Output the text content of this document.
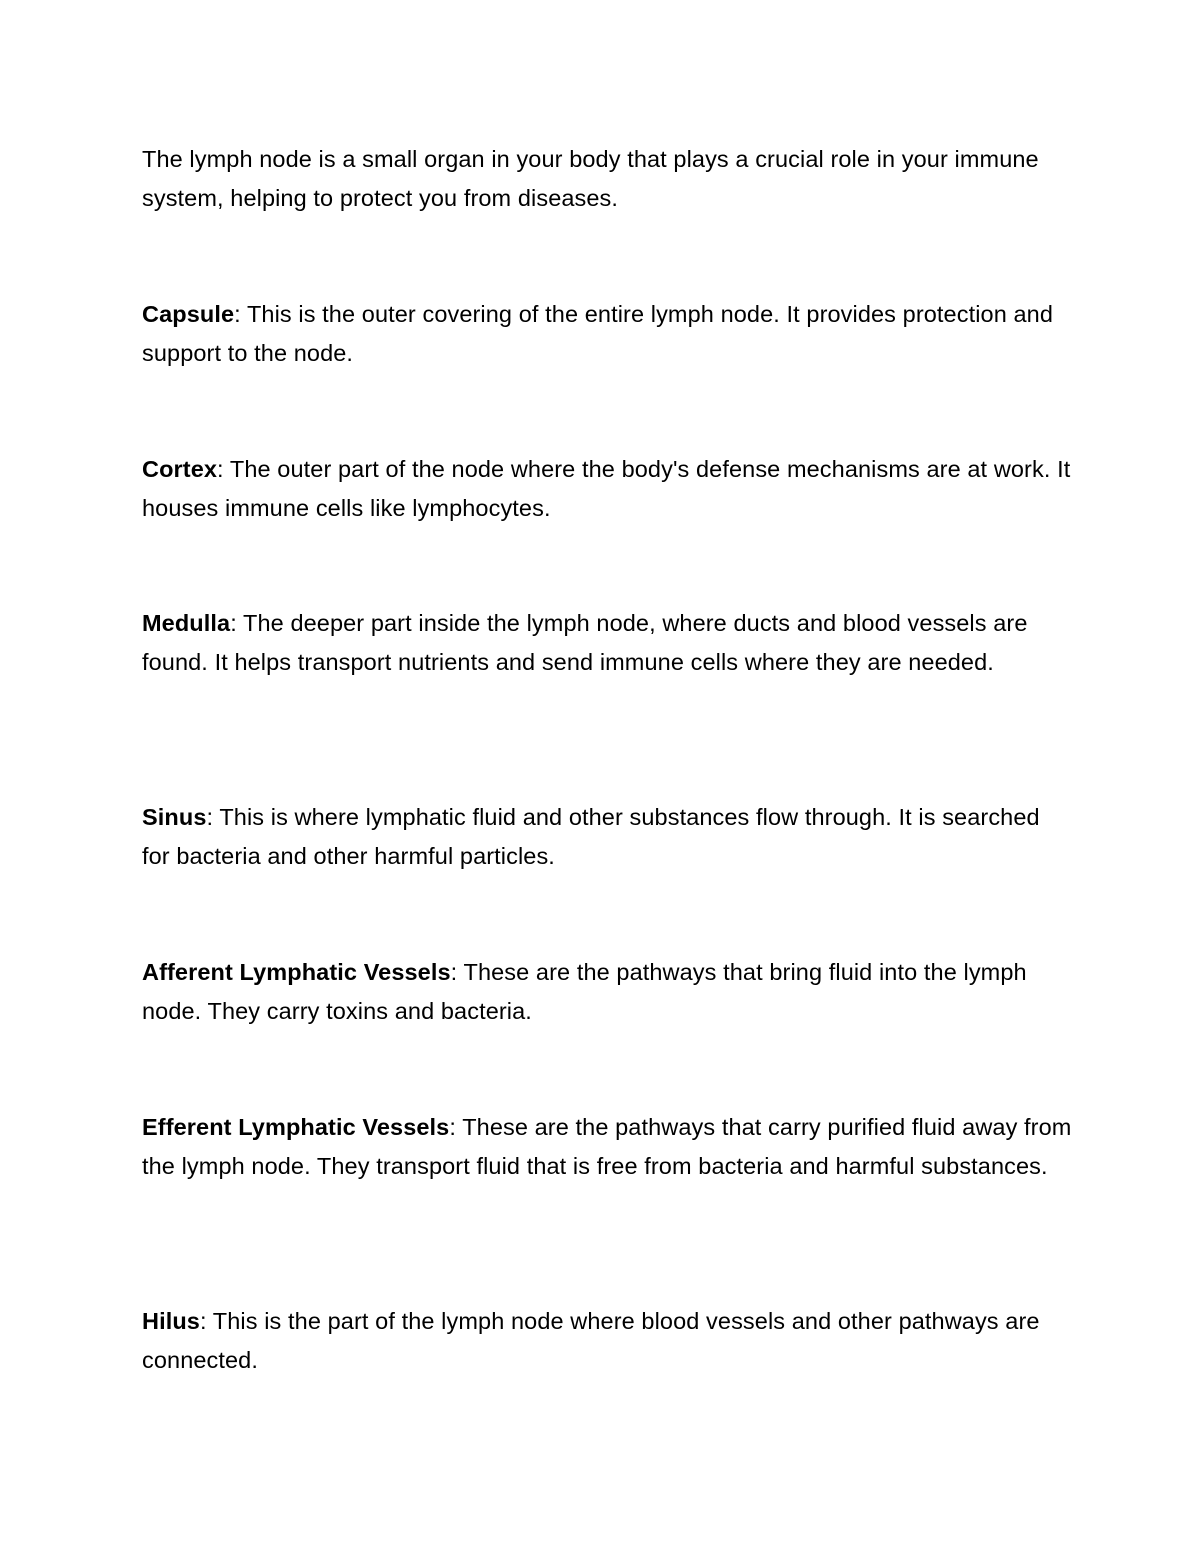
The lymph node is a small organ in your body that plays a crucial role in your immune system, helping to protect you from diseases.

Capsule: This is the outer covering of the entire lymph node. It provides protection and support to the node.

Cortex: The outer part of the node where the body's defense mechanisms are at work. It houses immune cells like lymphocytes.

Medulla: The deeper part inside the lymph node, where ducts and blood vessels are found. It helps transport nutrients and send immune cells where they are needed.

Sinus: This is where lymphatic fluid and other substances flow through. It is searched for bacteria and other harmful particles.

Afferent Lymphatic Vessels: These are the pathways that bring fluid into the lymph node. They carry toxins and bacteria.

Efferent Lymphatic Vessels: These are the pathways that carry purified fluid away from the lymph node. They transport fluid that is free from bacteria and harmful substances.

Hilus: This is the part of the lymph node where blood vessels and other pathways are connected.
